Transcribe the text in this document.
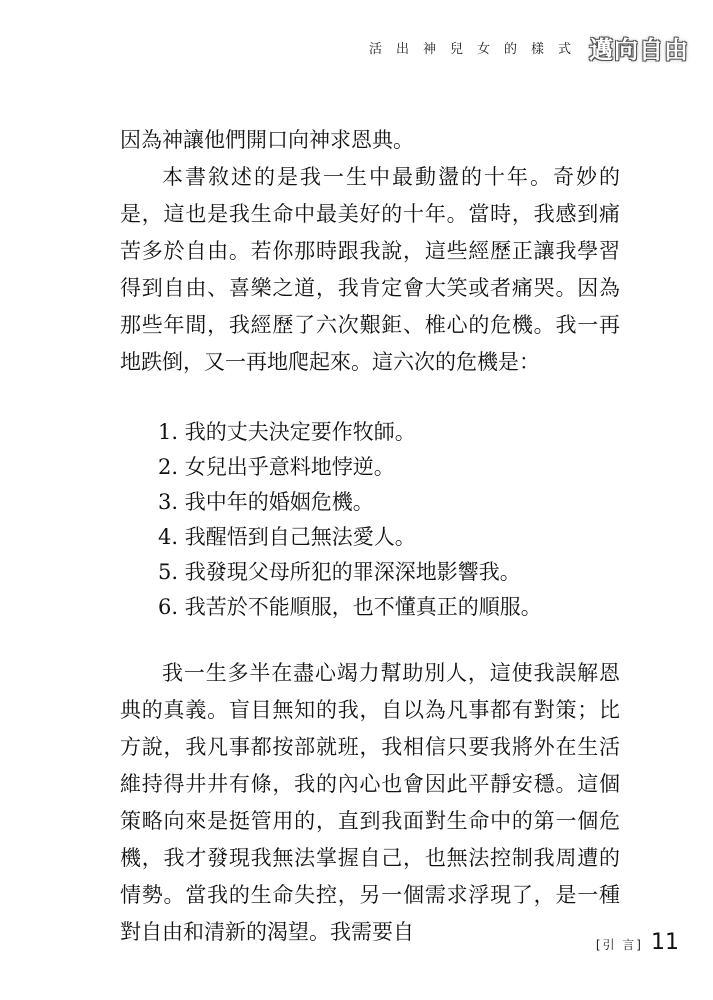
活出神兒女的樣式 邁向自由

因為神讓他們開口向神求恩典。

本書敘述的是我一生中最動盪的十年。奇妙的是，這也是我生命中最美好的十年。當時，我感到痛苦多於自由。若你那時跟我說，這些經歷正讓我學習得到自由、喜樂之道，我肯定會大笑或者痛哭。因為那些年間，我經歷了六次艱鉅、椎心的危機。我一再地跌倒，又一再地爬起來。這六次的危機是：

1. 我的丈夫決定要作牧師。
2. 女兒出乎意料地悖逆。
3. 我中年的婚姻危機。
4. 我醒悟到自己無法愛人。
5. 我發現父母所犯的罪深深地影響我。
6. 我苦於不能順服，也不懂真正的順服。

我一生多半在盡心竭力幫助別人，這使我誤解恩典的真義。盲目無知的我，自以為凡事都有對策；比方說，我凡事都按部就班，我相信只要我將外在生活維持得井井有條，我的內心也會因此平靜安穩。這個策略向來是挺管用的，直到我面對生命中的第一個危機，我才發現我無法掌握自己，也無法控制我周遭的情勢。當我的生命失控，另一個需求浮現了，是一種對自由和清新的渴望。我需要自

[引 言] 11
